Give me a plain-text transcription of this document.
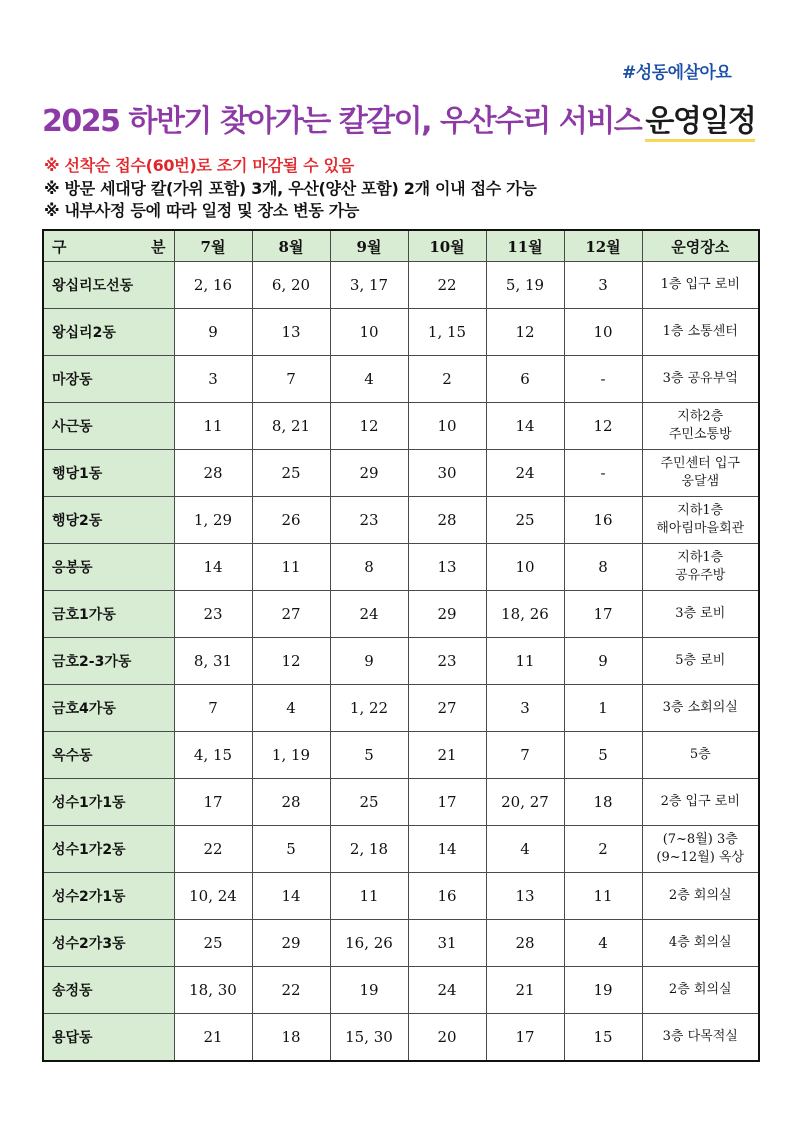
#성동에살아요
2025 하반기 찾아가는 칼갈이, 우산수리 서비스 운영일정
※ 선착순 접수(60번)로 조기 마감될 수 있음
※ 방문 세대당 칼(가위 포함) 3개, 우산(양산 포함) 2개 이내 접수 가능
※ 내부사정 등에 따라 일정 및 장소 변동 가능
구 분	7월	8월	9월	10월	11월	12월	운영장소

왕십리도선동	2, 16	6, 20	3, 17	22	5, 19	3	1층 입구 로비

왕십리2동	9	13	10	1, 15	12	10	1층 소통센터

마장동	3	7	4	2	6	-	3층 공유부엌

사근동	11	8, 21	12	10	14	12	지하2층
주민소통방

행당1동	28	25	29	30	24	-	주민센터 입구
웅달샘

행당2동	1, 29	26	23	28	25	16	지하1층
해아림마을회관

응봉동	14	11	8	13	10	8	지하1층
공유주방

금호1가동	23	27	24	29	18, 26	17	3층 로비

금호2-3가동	8, 31	12	9	23	11	9	5층 로비

금호4가동	7	4	1, 22	27	3	1	3층 소회의실

옥수동	4, 15	1, 19	5	21	7	5	5층

성수1가1동	17	28	25	17	20, 27	18	2층 입구 로비

성수1가2동	22	5	2, 18	14	4	2	(7~8월) 3층
(9~12월) 옥상

성수2가1동	10, 24	14	11	16	13	11	2층 회의실

성수2가3동	25	29	16, 26	31	28	4	4층 회의실

송정동	18, 30	22	19	24	21	19	2층 회의실

용답동	21	18	15, 30	20	17	15	3층 다목적실
